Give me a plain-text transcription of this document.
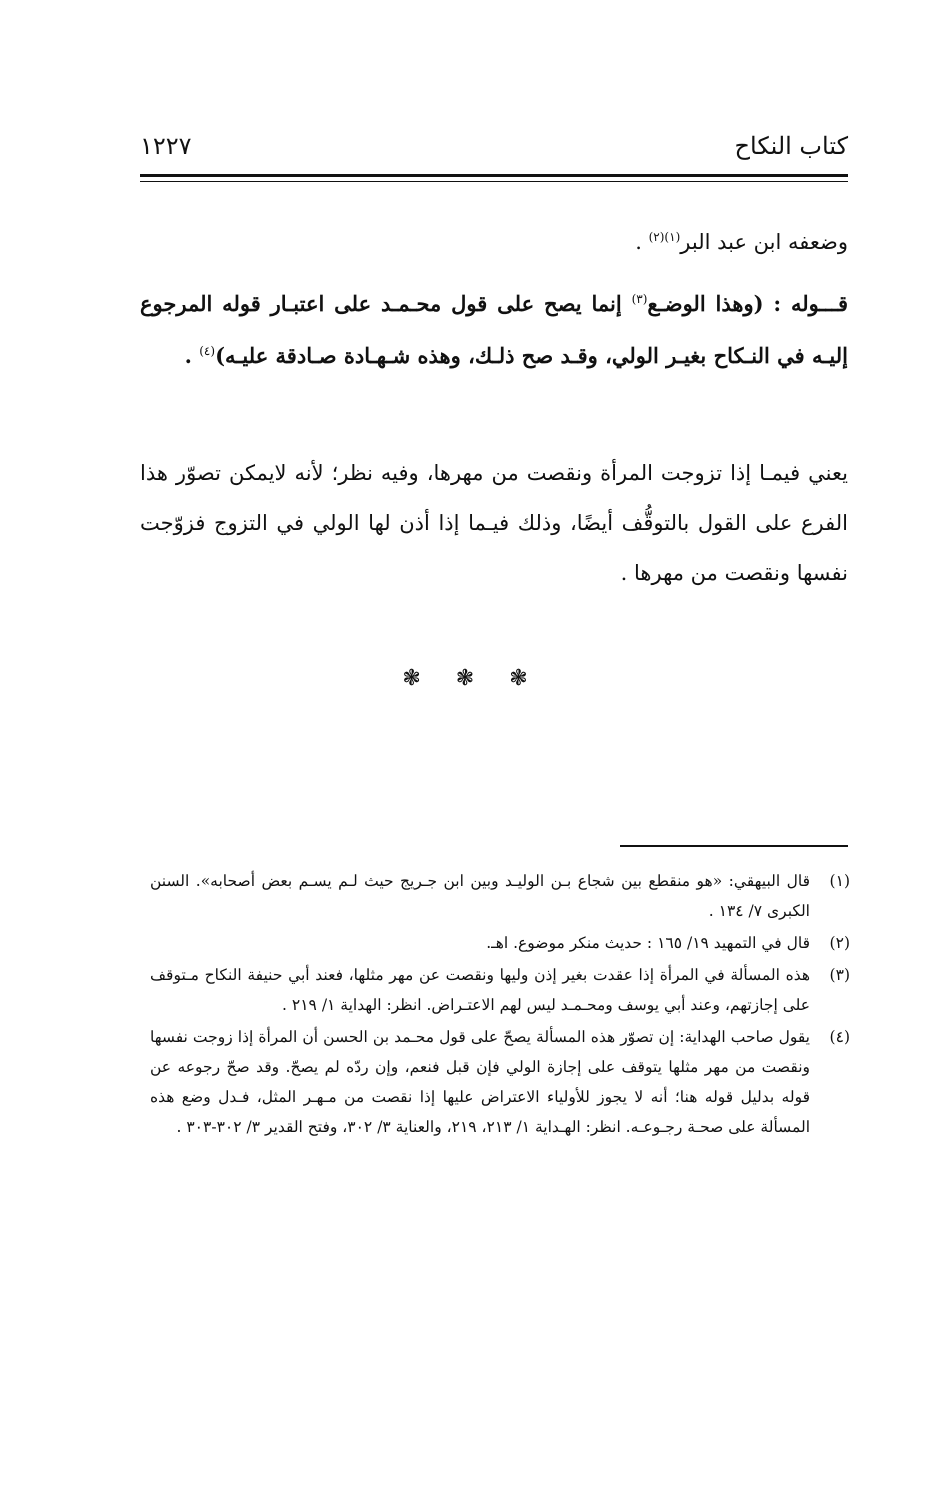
كتاب النكاح
١٢٢٧
وضعفه ابن عبد البر$^{(١)(٢)}$ .
قـــوله : (وهذا الوضـع$^{(٣)}$ إنما يصح على قول محـمـد على اعتبـار قوله المرجوع إليـه في النـكاح بغيـر الولي، وقـد صح ذلـك، وهذه شـهـادة صـادقة عليـه)$^{(٤)}$ .
يعني فيمـا إذا تزوجت المرأة ونقصت من مهرها، وفيه نظر؛ لأنه لايمكن تصوّر هذا الفرع على القول بالتوقُّف أيضًا، وذلك فيـما إذا أذن لها الولي في التزوج فزوّجت نفسها ونقصت من مهرها .
❃ ❃ ❃
(١)
قال البيهقي: «هو منقطع بين شجاع بـن الوليـد وبين ابن جـريج حيث لـم يسـم بعض أصحابه». السنن الكبرى ٧/ ١٣٤ .
(٢)
قال في التمهيد ١٩/ ١٦٥ : حديث منكر موضوع. اهـ.
(٣)
هذه المسألة في المرأة إذا عقدت بغير إذن وليها ونقصت عن مهر مثلها، فعند أبي حنيفة النكاح مـتوقف على إجازتهم، وعند أبي يوسف ومحـمـد ليس لهم الاعتـراض. انظر: الهداية ١/ ٢١٩ .
(٤)
يقول صاحب الهداية: إن تصوّر هذه المسألة يصحّ على قول محـمد بن الحسن أن المرأة إذا زوجت نفسها ونقصت من مهر مثلها يتوقف على إجازة الولي فإن قبل فنعم، وإن ردّه لم يصحّ. وقد صحّ رجوعه عن قوله بدليل قوله هنا؛ أنه لا يجوز للأولياء الاعتراض عليها إذا نقصت من مـهـر المثل، فـدل وضع هذه المسألة على صحـة رجـوعـه. انظر: الهـداية ١/ ٢١٣، ٢١٩، والعناية ٣/ ٣٠٢، وفتح القدير ٣/ ٣٠٢-٣٠٣ .
